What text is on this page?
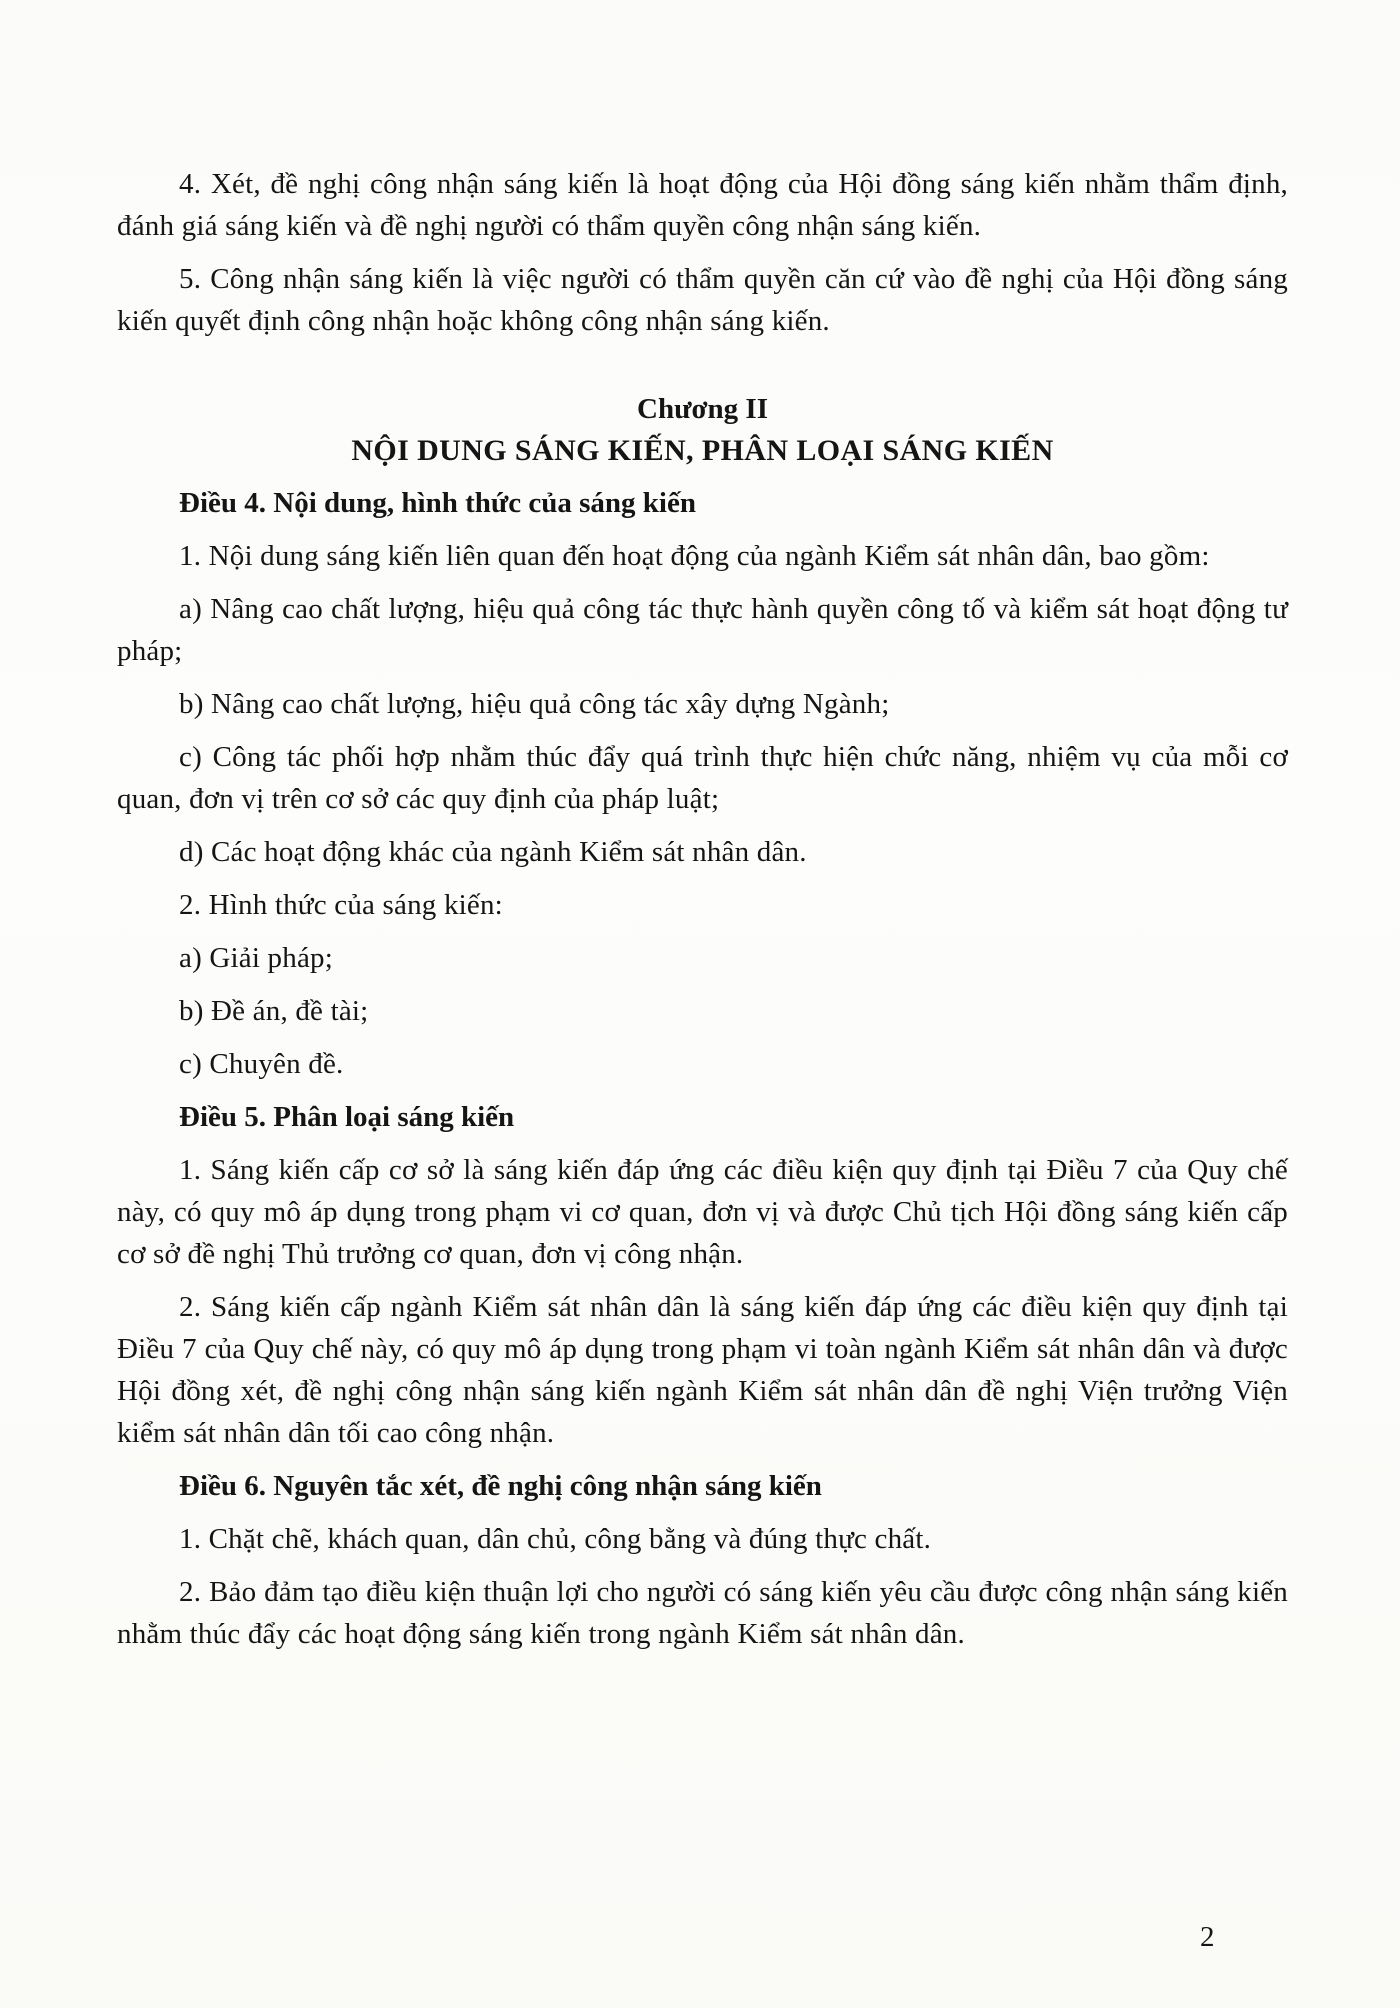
4. Xét, đề nghị công nhận sáng kiến là hoạt động của Hội đồng sáng kiến nhằm thẩm định, đánh giá sáng kiến và đề nghị người có thẩm quyền công nhận sáng kiến.

5. Công nhận sáng kiến là việc người có thẩm quyền căn cứ vào đề nghị của Hội đồng sáng kiến quyết định công nhận hoặc không công nhận sáng kiến.

Chương II

NỘI DUNG SÁNG KIẾN, PHÂN LOẠI SÁNG KIẾN

Điều 4. Nội dung, hình thức của sáng kiến

1. Nội dung sáng kiến liên quan đến hoạt động của ngành Kiểm sát nhân dân, bao gồm:

a) Nâng cao chất lượng, hiệu quả công tác thực hành quyền công tố và kiểm sát hoạt động tư pháp;

b) Nâng cao chất lượng, hiệu quả công tác xây dựng Ngành;

c) Công tác phối hợp nhằm thúc đẩy quá trình thực hiện chức năng, nhiệm vụ của mỗi cơ quan, đơn vị trên cơ sở các quy định của pháp luật;

d) Các hoạt động khác của ngành Kiểm sát nhân dân.

2. Hình thức của sáng kiến:

a) Giải pháp;

b) Đề án, đề tài;

c) Chuyên đề.

Điều 5. Phân loại sáng kiến

1. Sáng kiến cấp cơ sở là sáng kiến đáp ứng các điều kiện quy định tại Điều 7 của Quy chế này, có quy mô áp dụng trong phạm vi cơ quan, đơn vị và được Chủ tịch Hội đồng sáng kiến cấp cơ sở đề nghị Thủ trưởng cơ quan, đơn vị công nhận.

2. Sáng kiến cấp ngành Kiểm sát nhân dân là sáng kiến đáp ứng các điều kiện quy định tại Điều 7 của Quy chế này, có quy mô áp dụng trong phạm vi toàn ngành Kiểm sát nhân dân và được Hội đồng xét, đề nghị công nhận sáng kiến ngành Kiểm sát nhân dân đề nghị Viện trưởng Viện kiểm sát nhân dân tối cao công nhận.

Điều 6. Nguyên tắc xét, đề nghị công nhận sáng kiến

1. Chặt chẽ, khách quan, dân chủ, công bằng và đúng thực chất.

2. Bảo đảm tạo điều kiện thuận lợi cho người có sáng kiến yêu cầu được công nhận sáng kiến nhằm thúc đẩy các hoạt động sáng kiến trong ngành Kiểm sát nhân dân.

2
